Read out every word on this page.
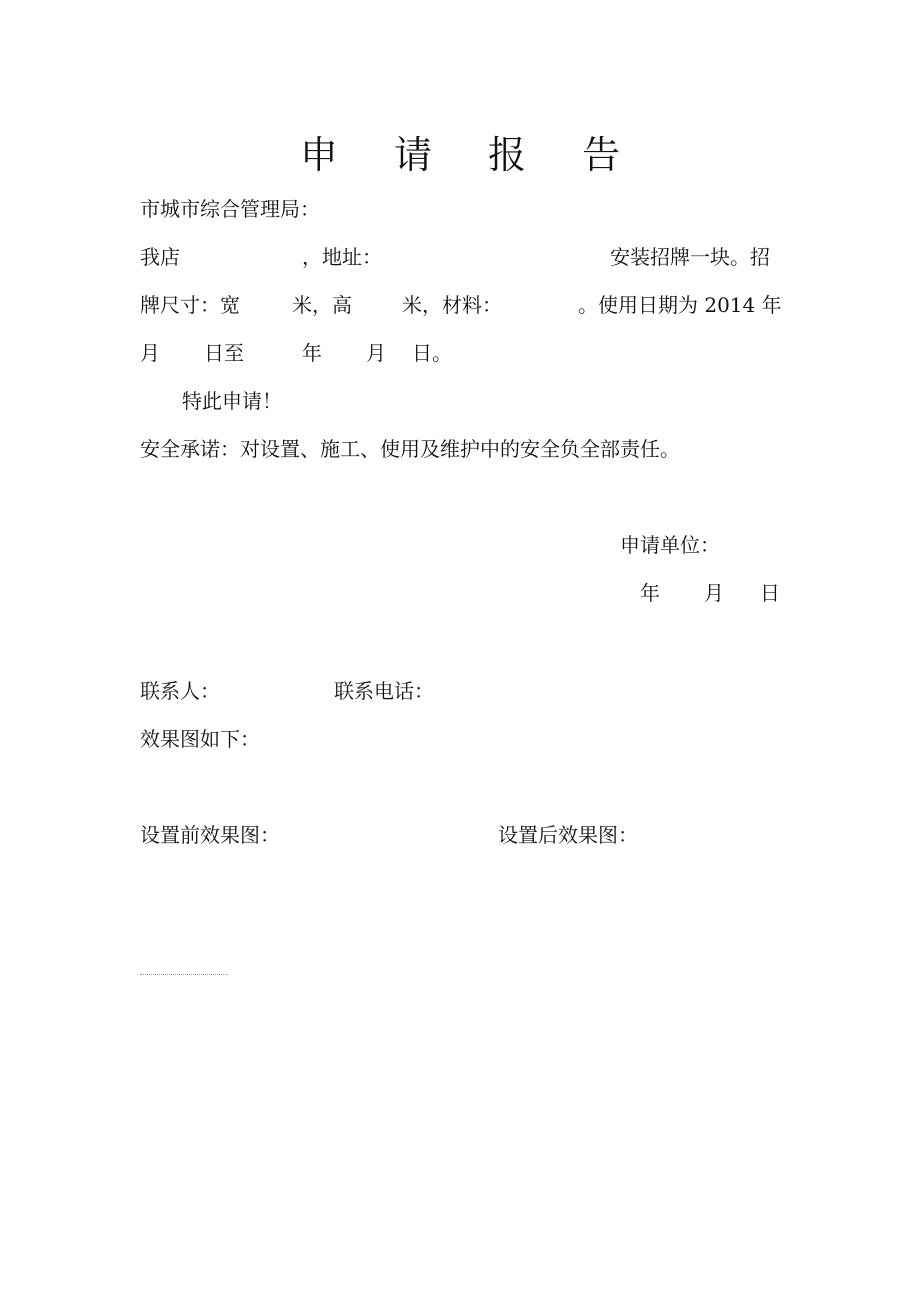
申 请 报 告
市城市综合管理局：
我店	，地址：	安装招牌一块。招
牌尺寸：宽	米，高	米，材料：	。使用日期为 2014 年
月 日至	年 月 日。
特此申请！
安全承诺：对设置、施工、使用及维护中的安全负全部责任。
申请单位：
年 月 日
联系人：	联系电话：
效果图如下：
设置前效果图：	设置后效果图：
